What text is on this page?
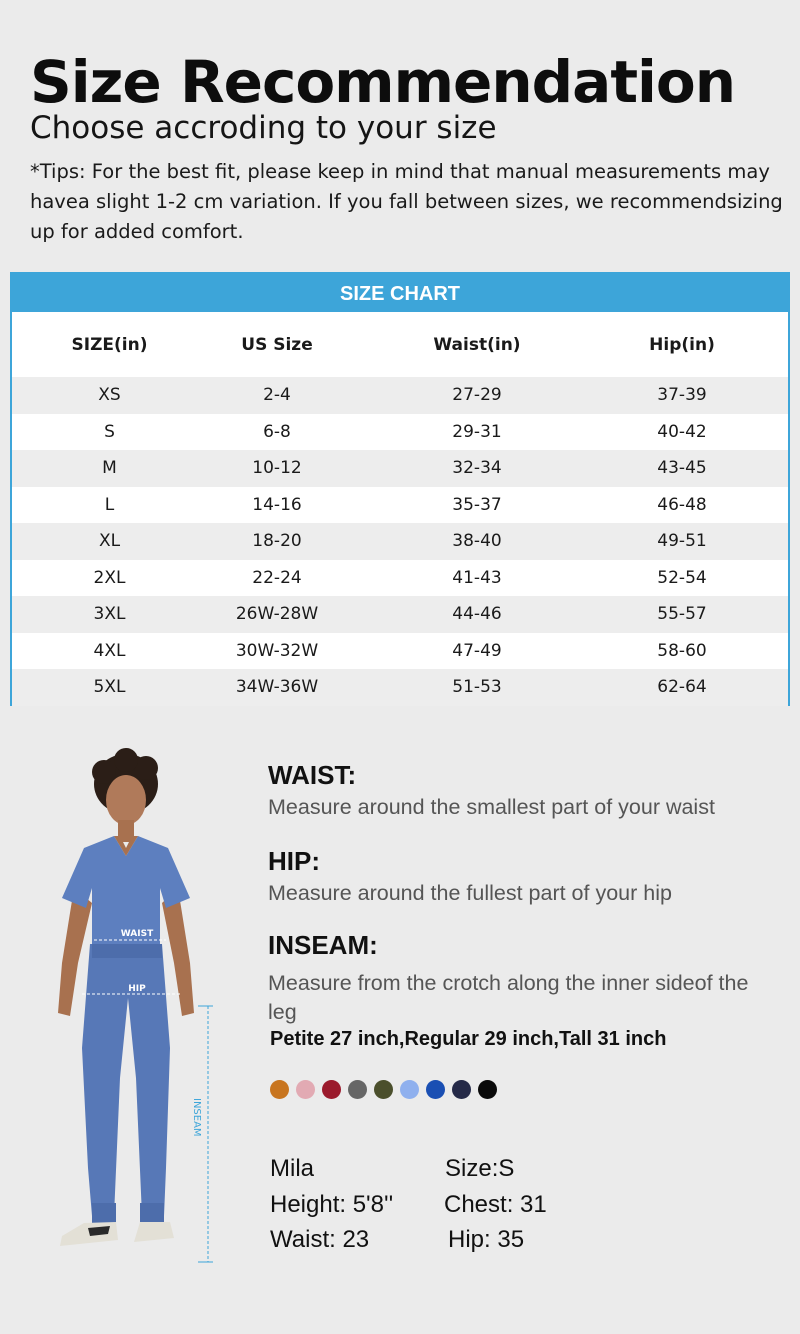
Size Recommendation
Choose accroding to your size
*Tips: For the best fit, please keep in mind that manual measurements may havea slight 1-2 cm variation. If you fall between sizes, we recommendsizing up for added comfort.
SIZE CHART
SIZE(in)	US Size	Waist(in)	Hip(in)
XS	2-4	27-29	37-39
S	6-8	29-31	40-42
M	10-12	32-34	43-45
L	14-16	35-37	46-48
XL	18-20	38-40	49-51
2XL	22-24	41-43	52-54
3XL	26W-28W	44-46	55-57
4XL	30W-32W	47-49	58-60
5XL	34W-36W	51-53	62-64
WAIST
HIP
INSEAM
WAIST:
Measure around the smallest part of your waist
HIP:
Measure around the fullest part of your hip
INSEAM:
Measure from the crotch along the inner sideof the leg
Petite 27 inch,Regular 29 inch,Tall 31 inch
Mila	Size:S
Height: 5'8'' Chest: 31
Waist: 23	Hip: 35
